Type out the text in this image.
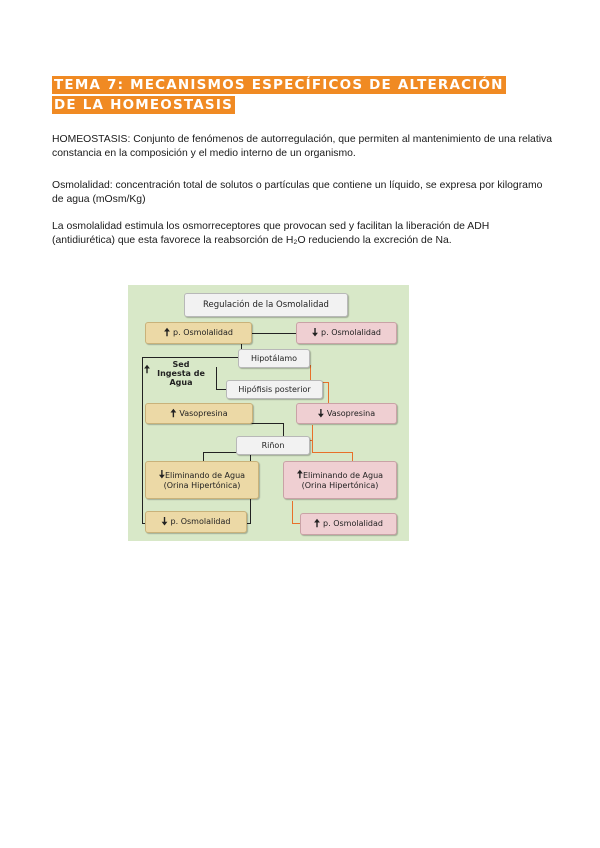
TEMA 7: MECANISMOS ESPECÍFICOS DE ALTERACIÓN DE LA HOMEOSTASIS
HOMEOSTASIS: Conjunto de fenómenos de autorregulación, que permiten al mantenimiento de una relativa constancia en la composición y el medio interno de un organismo.
Osmolalidad: concentración total de solutos o partículas que contiene un líquido, se expresa por kilogramo de agua (mOsm/Kg)
La osmolalidad estimula los osmorreceptores que provocan sed y facilitan la liberación de ADH (antidiurética) que esta favorece la reabsorción de H₂O reduciendo la excreción de Na.
Regulación de la Osmolalidad
🠅 p. Osmolalidad	🠇 p. Osmolalidad
Hipotálamo
🠅	Sed
Ingesta de
Agua
Hipófisis posterior
🠅 Vasopresina	🠇 Vasopresina
Riñon
🠇Eliminando de Agua
(Orina Hipertónica)
🠅Eliminando de Agua
(Orina Hipertónica)
🠇 p. Osmolalidad	🠅 p. Osmolalidad
